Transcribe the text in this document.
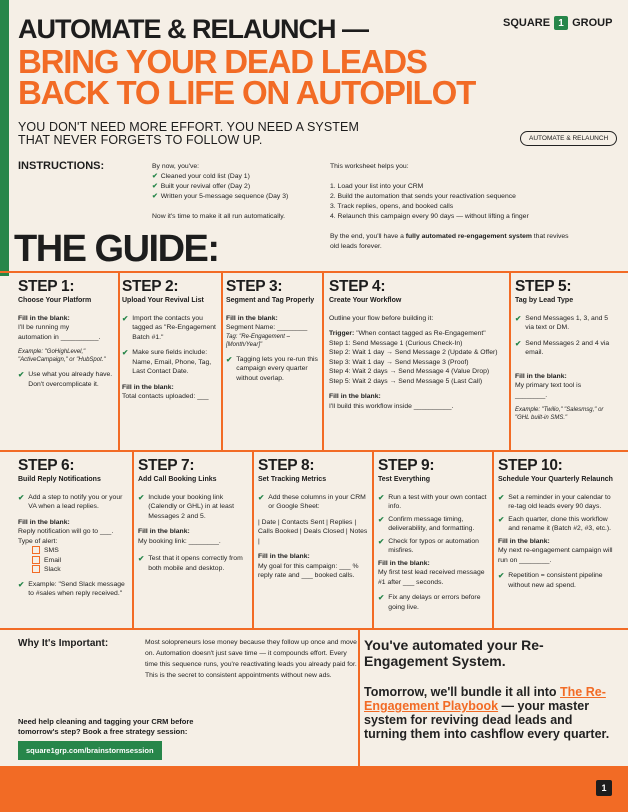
AUTOMATE & RELAUNCH —
BRING YOUR DEAD LEADS
BACK TO LIFE ON AUTOPILOT
YOU DON'T NEED MORE EFFORT. YOU NEED A SYSTEM
THAT NEVER FORGETS TO FOLLOW UP.
SQUARE 1 GROUP
AUTOMATE & RELAUNCH
INSTRUCTIONS:	By now, you've:
✔ Cleaned your cold list (Day 1)
✔ Built your revival offer (Day 2)
✔ Written your 5-message sequence (Day 3)
Now it's time to make it all run automatically.
This worksheet helps you:
1. Load your list into your CRM
2. Build the automation that sends your reactivation sequence
3. Track replies, opens, and booked calls
4. Relaunch this campaign every 90 days — without lifting a finger
By the end, you'll have a fully automated re-engagement system that revives old leads forever.
THE GUIDE:
STEP 1:
Choose Your Platform
Fill in the blank:
I'll be running my

automation in __________.

Example: "GoHighLevel," "ActiveCampaign," or "HubSpot."

✔ Use what you already have. Don't overcomplicate it.
STEP 2:
Upload Your Revival List
✔ Import the contacts you tagged as "Re-Engagement Batch #1."
✔ Make sure fields include: Name, Email, Phone, Tag, Last Contact Date.
Fill in the blank:
Total contacts uploaded: ___
STEP 3:
Segment and Tag Properly
Fill in the blank:
Segment Name: ________

Tag: "Re-Engagement – [Month/Year]"

✔ Tagging lets you re-run this campaign every quarter without overlap.
STEP 4:
Create Your Workflow

Outline your flow before building it:

Trigger: "When contact tagged as Re-Engagement"
Step 1: Send Message 1 (Curious Check-In)
Step 2: Wait 1 day → Send Message 2 (Update & Offer)
Step 3: Wait 1 day → Send Message 3 (Proof)
Step 4: Wait 2 days → Send Message 4 (Value Drop)

Step 5: Wait 2 days → Send Message 5 (Last Call)

Fill in the blank:
I'll build this workflow inside __________.
STEP 5:
Tag by Lead Type
✔ Send Messages 1, 3, and 5 via text or DM.
✔ Send Messages 2 and 4 via email.
Fill in the blank:

My primary text tool is ________.

Example: "Twilio," "Salesmsg," or "GHL built-in SMS."
STEP 6:
Build Reply Notifications
✔ Add a step to notify you or your VA when a lead replies.
Fill in the blank:
Reply notification will go to ___.
Type of alert:
SMS
Email
Slack
✔ Example: "Send Slack message to #sales when reply received."
STEP 7:
Add Call Booking Links
✔ Include your booking link (Calendly or GHL) in at least Messages 2 and 5.
Fill in the blank:

My booking link: ________.

✔ Test that it opens correctly from both mobile and desktop.
STEP 8:
Set Tracking Metrics
✔ Add these columns in your CRM or Google Sheet:

| Date | Contacts Sent | Replies | Calls Booked | Deals Closed | Notes |

Fill in the blank:
My goal for this campaign: ___ % reply rate and ___ booked calls.
STEP 9:
Test Everything
✔ Run a test with your own contact info.
✔ Confirm message timing, deliverability, and formatting.
✔ Check for typos or automation misfires.
Fill in the blank:

My first test lead received message #1 after ___ seconds.

✔ Fix any delays or errors before going live.
STEP 10:
Schedule Your Quarterly Relaunch
✔ Set a reminder in your calendar to re-tag old leads every 90 days.
✔ Each quarter, clone this workflow and rename it (Batch #2, #3, etc.).
Fill in the blank:

My next re-engagement campaign will run on ________.

✔ Repetition = consistent pipeline without new ad spend.
Why It's Important:	Most solopreneurs lose money because they follow up once and move on. Automation doesn't just save time — it compounds effort. Every time this sequence runs, you're reactivating leads you already paid for. This is the secret to consistent appointments without new ads.
Need help cleaning and tagging your CRM before tomorrow's step? Book a free strategy session:
square1grp.com/brainstormsession
You've automated your Re-Engagement System.
Tomorrow, we'll bundle it all into The Re-Engagement Playbook — your master system for reviving dead leads and turning them into cashflow every quarter.
1
